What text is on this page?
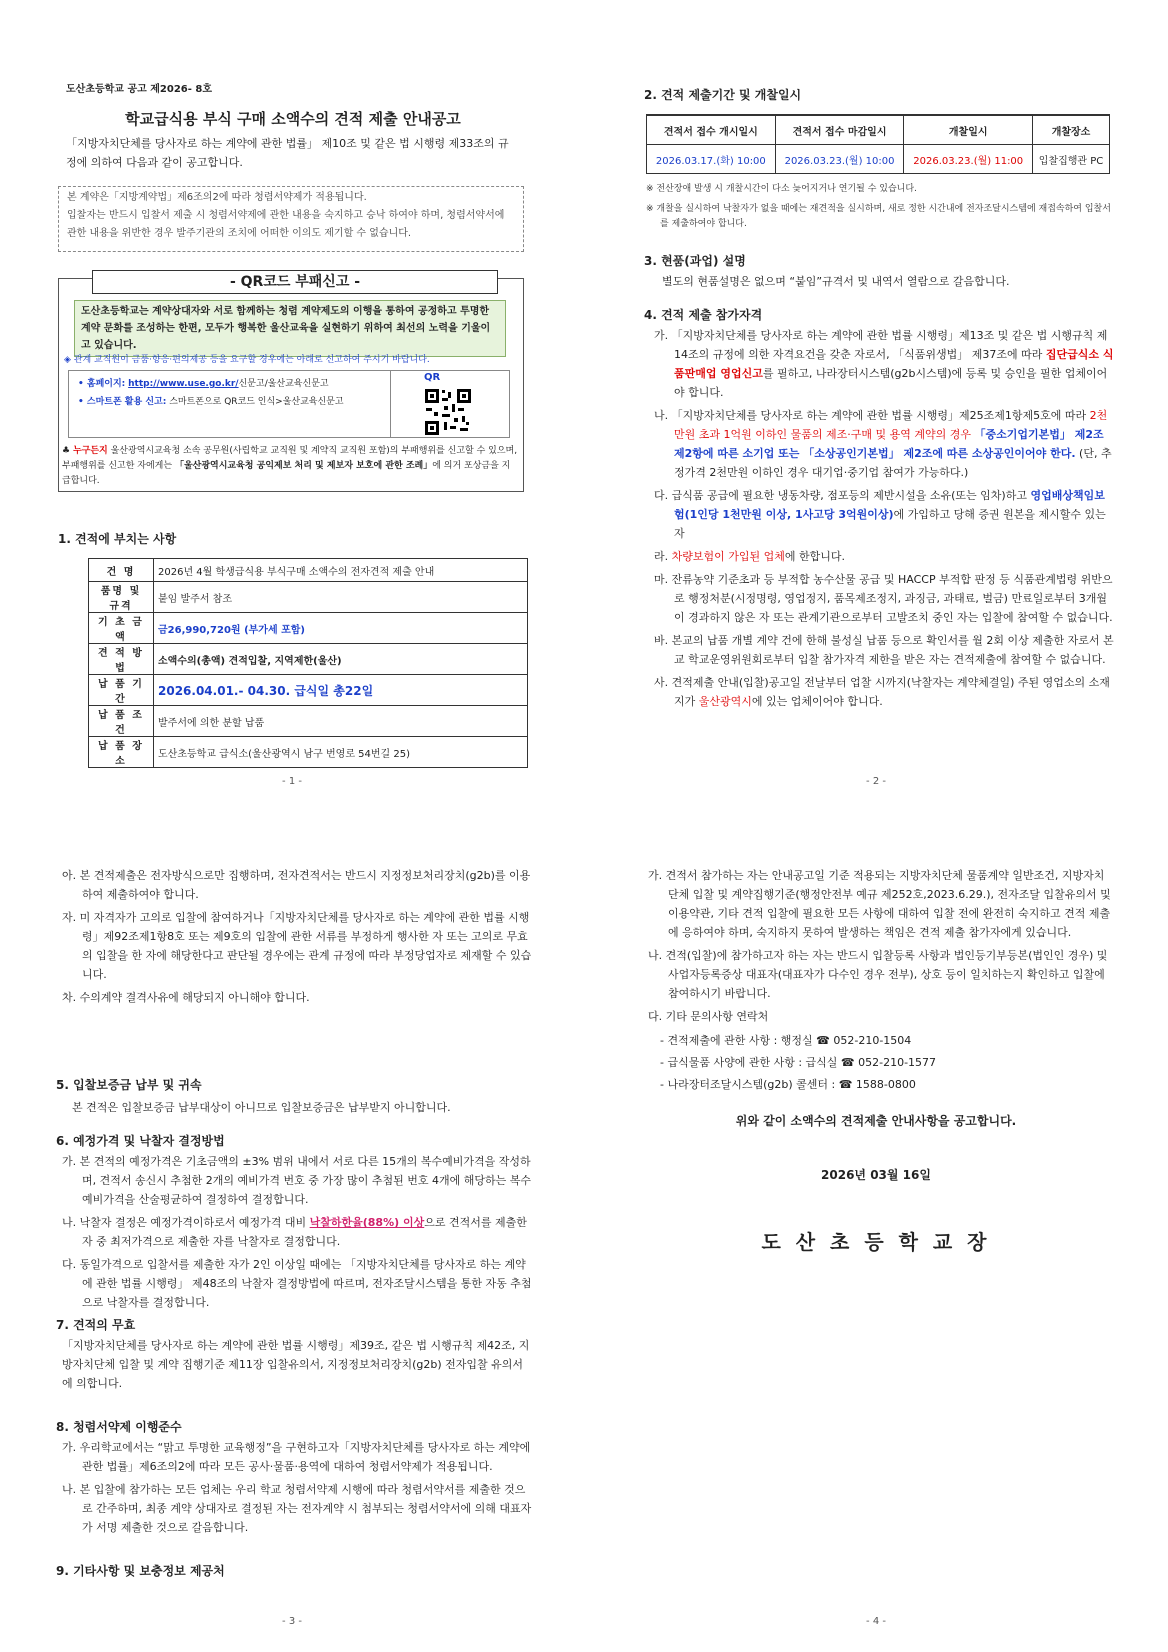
도산초등학교 공고 제2026- 8호
학교급식용 부식 구매 소액수의 견적 제출 안내공고
「지방자치단체를 당사자로 하는 계약에 관한 법률」 제10조 및 같은 법 시행령 제33조의 규정에 의하여 다음과 같이 공고합니다.
본 계약은「지방계약법」제6조의2에 따라 청렴서약제가 적용됩니다.
입찰자는 반드시 입찰서 제출 시 청렴서약제에 관한 내용을 숙지하고 승낙 하여야 하며, 청렴서약서에 관한 내용을 위반한 경우 발주기관의 조치에 어떠한 이의도 제기할 수 없습니다.
- QR코드 부패신고 -
도산초등학교는 계약상대자와 서로 함께하는 청렴 계약제도의 이행을 통하여 공정하고 투명한 계약 문화를 조성하는 한편, 모두가 행복한 울산교육을 실현하기 위하여 최선의 노력을 기울이고 있습니다.
◈ 관계 교직원이 금품·향응·편의제공 등을 요구할 경우에는 아래로 신고하여 주시기 바랍니다.
QR
• 홈페이지: http://www.use.go.kr/신문고/울산교육신문고
• 스마트폰 활용 신고: 스마트폰으로 QR코드 인식>울산교육신문고
♣ 누구든지 울산광역시교육청 소속 공무원(사립학교 교직원 및 계약직 교직원 포함)의 부패행위를 신고할 수 있으며, 부패행위를 신고한 자에게는 「울산광역시교육청 공익제보 처리 및 제보자 보호에 관한 조례」에 의거 포상금을 지급합니다.
1. 견적에 부치는 사항
건 명	2026년 4월 학생급식용 부식구매 소액수의 전자견적 제출 안내
품명 및 규격	붙임 발주서 참조
기 초 금 액	금26,990,720원 (부가세 포함)
견 적 방 법	소액수의(총액) 견적입찰, 지역제한(울산)
납 품 기 간	2026.04.01.- 04.30. 급식일 총22일
납 품 조 건	발주서에 의한 분할 납품
납 품 장 소	도산초등학교 급식소(울산광역시 남구 번영로 54번길 25)
- 1 -
2. 견적 제출기간 및 개찰일시
견적서 접수 개시일시	견적서 접수 마감일시	개찰일시	개찰장소
2026.03.17.(화) 10:00	2026.03.23.(월) 10:00	2026.03.23.(월) 11:00	입찰집행관 PC
※ 전산장애 발생 시 개찰시간이 다소 늦어지거나 연기될 수 있습니다.
※ 개찰을 실시하여 낙찰자가 없을 때에는 재견적을 실시하며, 새로 정한 시간내에 전자조달시스템에 재접속하여 입찰서를 제출하여야 합니다.
3. 현품(과업) 설명
별도의 현품설명은 없으며 “붙임”규격서 및 내역서 열람으로 갈음합니다.
4. 견적 제출 참가자격
가. 「지방자치단체를 당사자로 하는 계약에 관한 법률 시행령」제13조 및 같은 법 시행규칙 제14조의 규정에 의한 자격요건을 갖춘 자로서, 「식품위생법」 제37조에 따라 집단급식소 식품판매업 영업신고를 필하고, 나라장터시스템(g2b시스템)에 등록 및 승인을 필한 업체이어야 합니다.
나. 「지방자치단체를 당사자로 하는 계약에 관한 법률 시행령」제25조제1항제5호에 따라 2천만원 초과 1억원 이하인 물품의 제조·구매 및 용역 계약의 경우 「중소기업기본법」 제2조제2항에 따른 소기업 또는 「소상공인기본법」 제2조에 따른 소상공인이어야 한다. (단, 추정가격 2천만원 이하인 경우 대기업·중기업 참여가 가능하다.)
다. 급식품 공급에 필요한 냉동차량, 점포등의 제반시설을 소유(또는 임차)하고 영업배상책임보험(1인당 1천만원 이상, 1사고당 3억원이상)에 가입하고 당해 증권 원본을 제시할수 있는 자
라. 차량보험이 가입된 업체에 한합니다.
마. 잔류농약 기준초과 등 부적합 농수산물 공급 및 HACCP 부적합 판정 등 식품관계법령 위반으로 행정처분(시정명령, 영업정지, 품목제조정지, 과징금, 과태료, 벌금) 만료일로부터 3개월이 경과하지 않은 자 또는 관계기관으로부터 고발조치 중인 자는 입찰에 참여할 수 없습니다.
바. 본교의 납품 개별 계약 건에 한해 불성실 납품 등으로 확인서를 월 2회 이상 제출한 자로서 본교 학교운영위원회로부터 입찰 참가자격 제한을 받은 자는 견적제출에 참여할 수 없습니다.
사. 견적제출 안내(입찰)공고일 전날부터 업찰 시까지(낙찰자는 계약체결일) 주된 영업소의 소재지가 울산광역시에 있는 업체이어야 합니다.
- 2 -
아. 본 견적제출은 전자방식으로만 집행하며, 전자견적서는 반드시 지정정보처리장치(g2b)를 이용하여 제출하여야 합니다.
자. 미 자격자가 고의로 입찰에 참여하거나「지방자치단체를 당사자로 하는 계약에 관한 법률 시행령」제92조제1항8호 또는 제9호의 입찰에 관한 서류를 부정하게 행사한 자 또는 고의로 무효의 입찰을 한 자에 해당한다고 판단될 경우에는 관계 규정에 따라 부정당업자로 제재할 수 있습니다.
차. 수의계약 결격사유에 해당되지 아니해야 합니다.
5. 입찰보증금 납부 및 귀속
본 견적은 입찰보증금 납부대상이 아니므로 입찰보증금은 납부받지 아니합니다.
6. 예정가격 및 낙찰자 결정방법
가. 본 견적의 예정가격은 기초금액의 ±3% 범위 내에서 서로 다른 15개의 복수예비가격을 작성하며, 견적서 송신시 추첨한 2개의 예비가격 번호 중 가장 많이 추첨된 번호 4개에 해당하는 복수 예비가격을 산술평균하여 결정하여 결정합니다.
나. 낙찰자 결정은 예정가격이하로서 예정가격 대비 낙찰하한율(88%) 이상으로 견적서를 제출한 자 중 최저가격으로 제출한 자를 낙찰자로 결정합니다.
다. 동일가격으로 입찰서를 제출한 자가 2인 이상일 때에는 「지방자치단체를 당사자로 하는 계약에 관한 법률 시행령」 제48조의 낙찰자 결정방법에 따르며, 전자조달시스템을 통한 자동 추첨으로 낙찰자를 결정합니다.
7. 견적의 무효
「지방자치단체를 당사자로 하는 계약에 관한 법률 시행령」제39조, 같은 법 시행규칙 제42조, 지방자치단체 입찰 및 계약 집행기준 제11장 입찰유의서, 지정정보처리장치(g2b) 전자입찰 유의서에 의합니다.
8. 청렴서약제 이행준수
가. 우리학교에서는 “맑고 투명한 교육행정”을 구현하고자「지방자치단체를 당사자로 하는 계약에 관한 법률」제6조의2에 따라 모든 공사·물품·용역에 대하여 청렴서약제가 적용됩니다.
나. 본 입찰에 참가하는 모든 업체는 우리 학교 청렴서약제 시행에 따라 청렴서약서를 제출한 것으로 간주하며, 최종 계약 상대자로 결정된 자는 전자계약 시 첨부되는 청렴서약서에 의해 대표자가 서명 제출한 것으로 갈음합니다.
9. 기타사항 및 보충정보 제공처
- 3 -
가. 견적서 참가하는 자는 안내공고일 기준 적용되는 지방자치단체 물품계약 일반조건, 지방자치단체 입찰 및 계약집행기준(행정안전부 예규 제252호,2023.6.29.), 전자조달 입찰유의서 및 이용약관, 기타 견적 입찰에 필요한 모든 사항에 대하여 입찰 전에 완전히 숙지하고 견적 제출에 응하여야 하며, 숙지하지 못하여 발생하는 책임은 견적 제출 참가자에게 있습니다.
나. 견적(입찰)에 참가하고자 하는 자는 반드시 입찰등록 사항과 법인등기부등본(법인인 경우) 및 사업자등록증상 대표자(대표자가 다수인 경우 전부), 상호 등이 일치하는지 확인하고 입찰에 참여하시기 바랍니다.
다. 기타 문의사항 연락처
- 견적제출에 관한 사항 : 행정실 ☎ 052-210-1504
- 급식물품 사양에 관한 사항 : 급식실 ☎ 052-210-1577
- 나라장터조달시스템(g2b) 콜센터 : ☎ 1588-0800
위와 같이 소액수의 견적제출 안내사항을 공고합니다.
2026년 03월 16일
도 산 초 등 학 교 장
- 4 -
